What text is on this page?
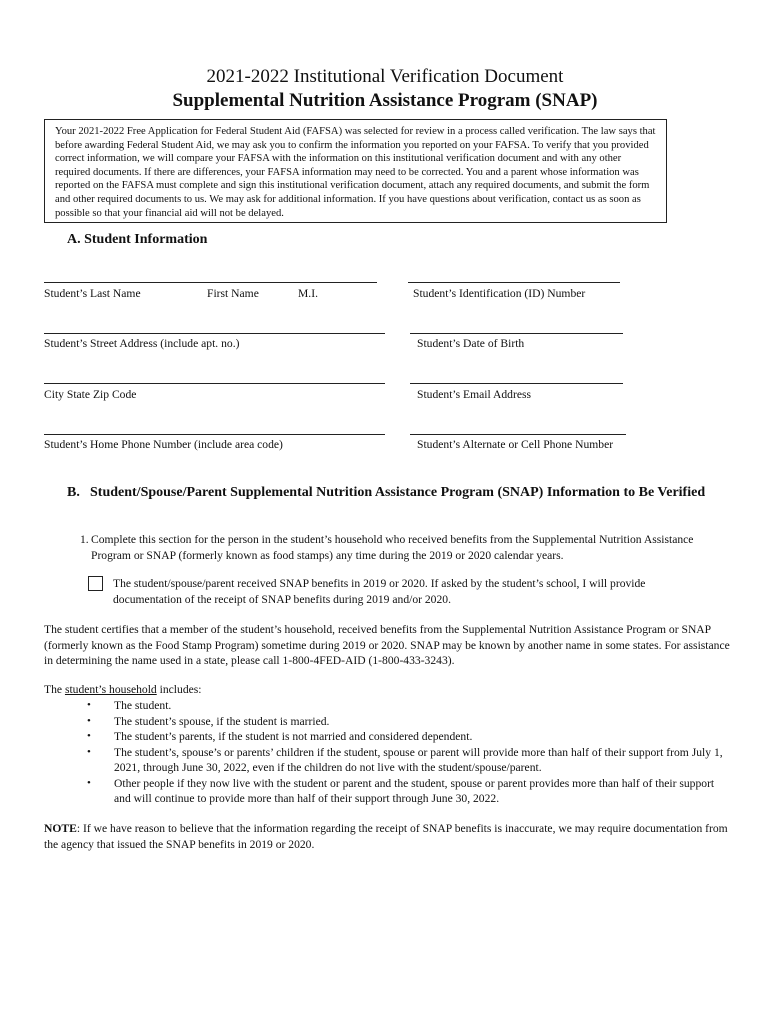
2021-2022 Institutional Verification Document
Supplemental Nutrition Assistance Program (SNAP)
Your 2021-2022 Free Application for Federal Student Aid (FAFSA) was selected for review in a process called verification. The law says that before awarding Federal Student Aid, we may ask you to confirm the information you reported on your FAFSA. To verify that you provided correct information, we will compare your FAFSA with the information on this institutional verification document and with any other required documents. If there are differences, your FAFSA information may need to be corrected. You and a parent whose information was reported on the FAFSA must complete and sign this institutional verification document, attach any required documents, and submit the form and other required documents to us. We may ask for additional information. If you have questions about verification, contact us as soon as possible so that your financial aid will not be delayed.
A. Student Information
Student’s Last Name	First Name	M.I.	Student’s Identification (ID) Number
Student’s Street Address (include apt. no.)	Student’s Date of Birth
City State Zip Code	Student’s Email Address
Student’s Home Phone Number (include area code)	Student’s Alternate or Cell Phone Number
B. Student/Spouse/Parent Supplemental Nutrition Assistance Program (SNAP) Information to Be Verified
1. Complete this section for the person in the student’s household who received benefits from the Supplemental Nutrition Assistance Program or SNAP (formerly known as food stamps) any time during the 2019 or 2020 calendar years.
The student/spouse/parent received SNAP benefits in 2019 or 2020. If asked by the student’s school, I will provide documentation of the receipt of SNAP benefits during 2019 and/or 2020.
The student certifies that a member of the student’s household, received benefits from the Supplemental Nutrition Assistance Program or SNAP (formerly known as the Food Stamp Program) sometime during 2019 or 2020. SNAP may be known by another name in some states. For assistance in determining the name used in a state, please call 1-800-4FED-AID (1-800-433-3243).
The student’s household includes:
• The student.
• The student’s spouse, if the student is married.
• The student’s parents, if the student is not married and considered dependent.
• The student’s, spouse’s or parents’ children if the student, spouse or parent will provide more than half of their support from July 1, 2021, through June 30, 2022, even if the children do not live with the student/spouse/parent.
• Other people if they now live with the student or parent and the student, spouse or parent provides more than half of their support and will continue to provide more than half of their support through June 30, 2022.
NOTE: If we have reason to believe that the information regarding the receipt of SNAP benefits is inaccurate, we may require documentation from the agency that issued the SNAP benefits in 2019 or 2020.
